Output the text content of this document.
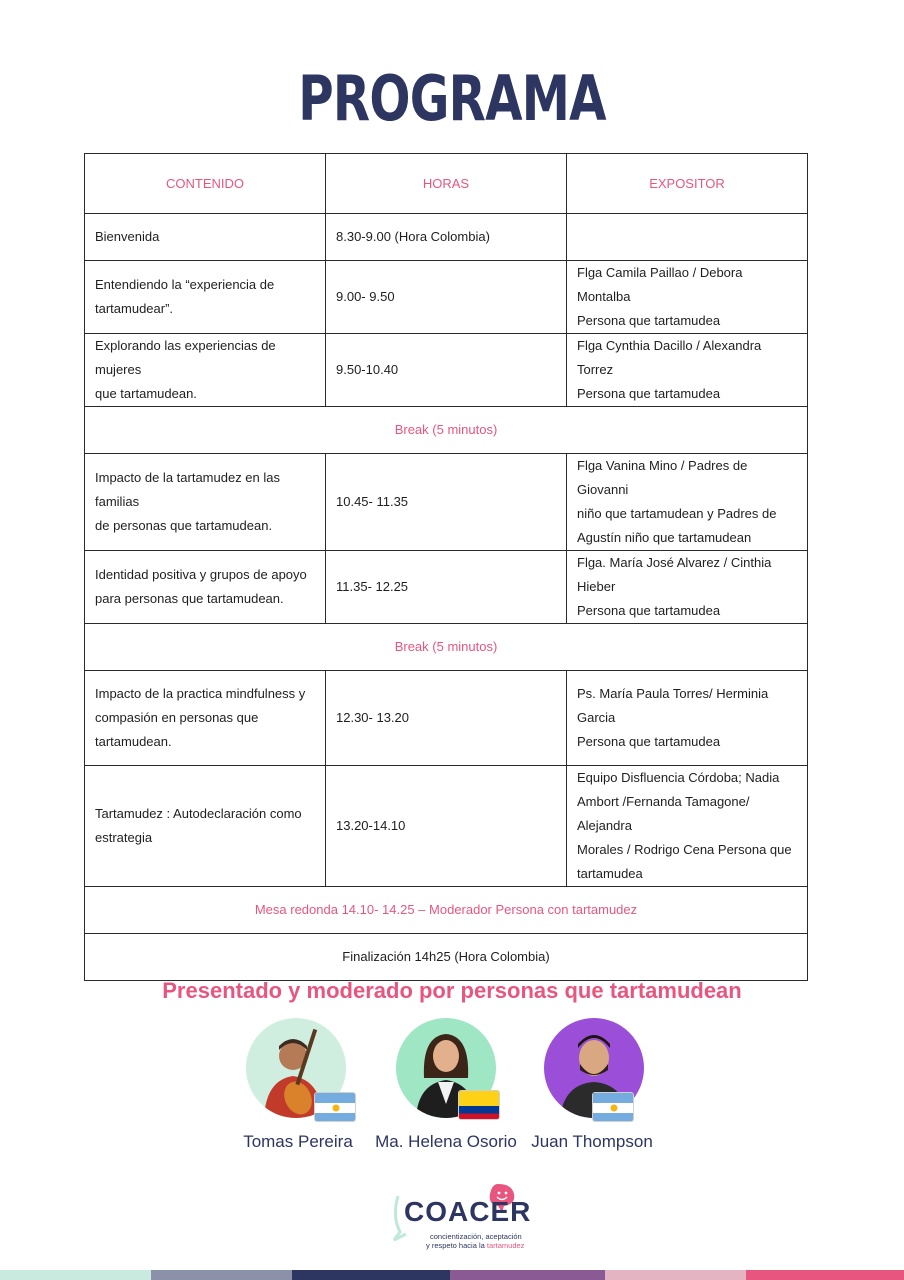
PROGRAMA
CONTENIDO	HORAS	EXPOSITOR
Bienvenida	8.30-9.00 (Hora Colombia)	

Entendiendo la “experiencia de
tartamudear”.	9.00- 9.50	Flga Camila Paillao / Debora Montalba
Persona que tartamudea

Explorando las experiencias de mujeres
que tartamudean.	9.50-10.40	Flga Cynthia Dacillo / Alexandra Torrez
Persona que tartamudea

Break (5 minutos)		

Impacto de la tartamudez en las familias
de personas que tartamudean.	10.45- 11.35	Flga Vanina Mino / Padres de Giovanni
niño que tartamudean y Padres de
Agustín niño que tartamudean

Identidad positiva y grupos de apoyo
para personas que tartamudean.	11.35- 12.25	Flga. María José Alvarez / Cinthia Hieber
Persona que tartamudea

Break (5 minutos)		

Impacto de la practica mindfulness y
compasión en personas que
tartamudean.	12.30- 13.20	Ps. María Paula Torres/ Herminia Garcia
Persona que tartamudea

Tartamudez : Autodeclaración como
estrategia	13.20-14.10	Equipo Disfluencia Córdoba; Nadia
Ambort /Fernanda Tamagone/ Alejandra
Morales / Rodrigo Cena Persona que
tartamudea

Mesa redonda 14.10- 14.25 – Moderador Persona con tartamudez		
Finalización 14h25 (Hora Colombia)		
Presentado y moderado por personas que tartamudean
Tomas Pereira	Ma. Helena Osorio Juan Thompson
COACER
concientización, aceptación
y respeto hacia la tartamudez
